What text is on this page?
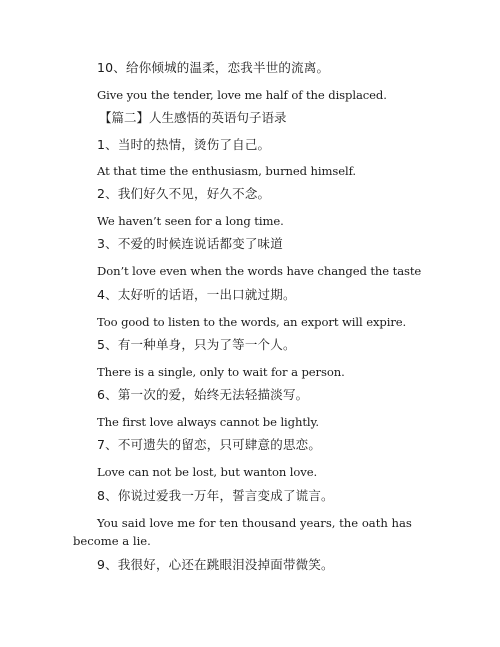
10、给你倾城的温柔，恋我半世的流离。
Give you the tender, love me half of the displaced.
【篇二】人生感悟的英语句子语录
1、当时的热情，烫伤了自己。
At that time the enthusiasm, burned himself.
2、我们好久不见，好久不念。
We haven’t seen for a long time.
3、不爱的时候连说话都变了味道
Don’t love even when the words have changed the taste
4、太好听的话语，一出口就过期。
Too good to listen to the words, an export will expire.
5、有一种单身，只为了等一个人。
There is a single, only to wait for a person.
6、第一次的爱，始终无法轻描淡写。
The first love always cannot be lightly.
7、不可遗失的留恋，只可肆意的思恋。
Love can not be lost, but wanton love.
8、你说过爱我一万年，誓言变成了谎言。
You said love me for ten thousand years, the oath has become a lie.
9、我很好，心还在跳眼泪没掉面带微笑。
